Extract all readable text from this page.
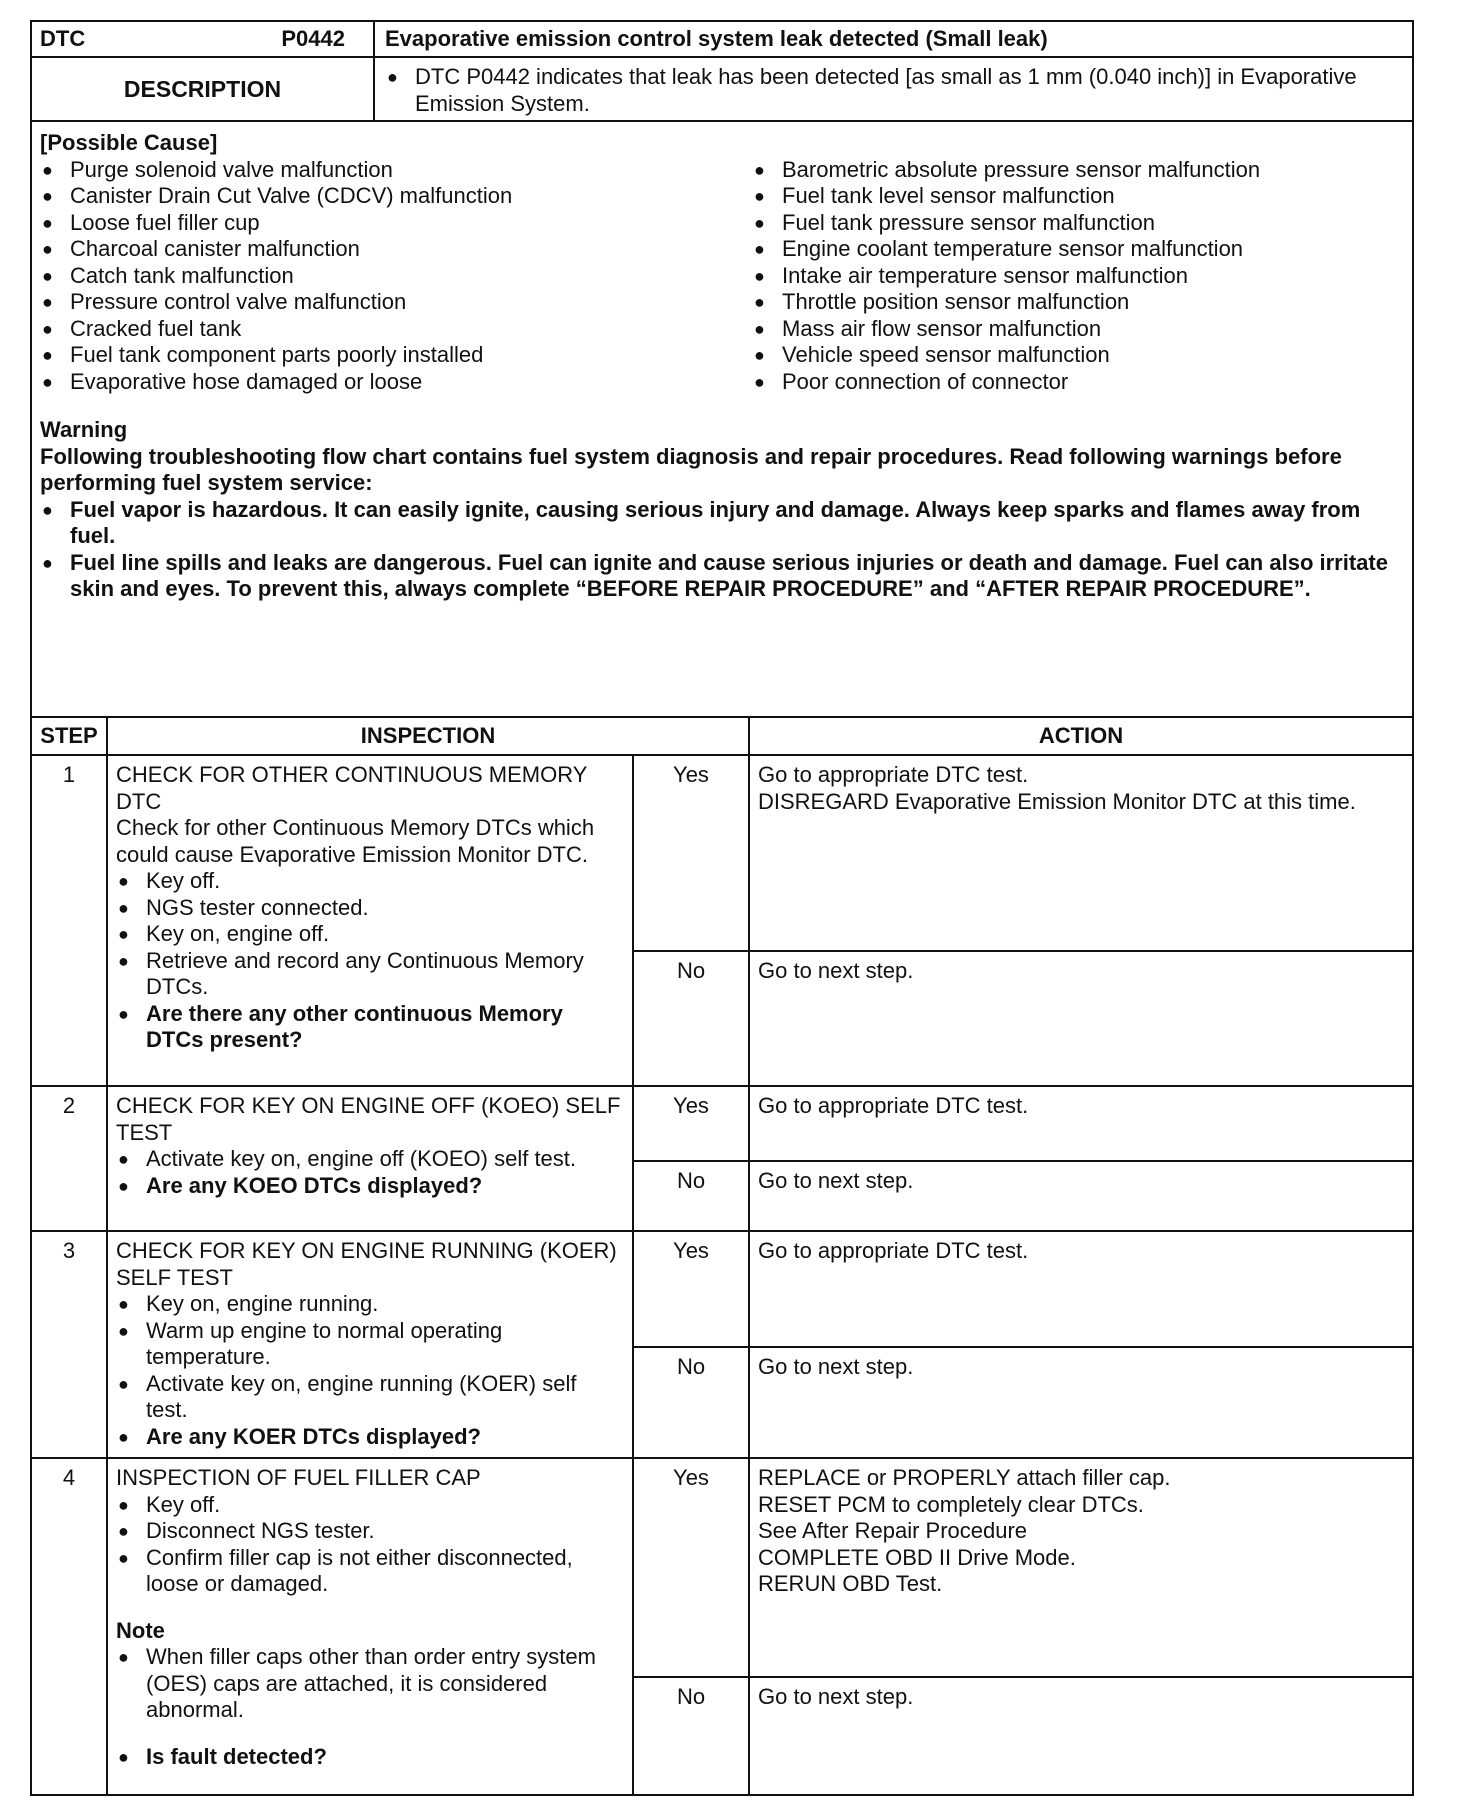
DTC	P0442	Evaporative emission control system leak detected (Small leak)
DESCRIPTION	● DTC P0442 indicates that leak has been detected [as small as 1 mm (0.040 inch)] in Evaporative Emission System.
[Possible Cause]
● Purge solenoid valve malfunction
● Canister Drain Cut Valve (CDCV) malfunction
● Loose fuel filler cup
● Charcoal canister malfunction
● Catch tank malfunction
● Pressure control valve malfunction
● Cracked fuel tank
● Fuel tank component parts poorly installed
● Evaporative hose damaged or loose
● Barometric absolute pressure sensor malfunction
● Fuel tank level sensor malfunction
● Fuel tank pressure sensor malfunction
● Engine coolant temperature sensor malfunction
● Intake air temperature sensor malfunction
● Throttle position sensor malfunction
● Mass air flow sensor malfunction
● Vehicle speed sensor malfunction
● Poor connection of connector
Warning
Following troubleshooting flow chart contains fuel system diagnosis and repair procedures. Read following warnings before performing fuel system service:
● Fuel vapor is hazardous. It can easily ignite, causing serious injury and damage. Always keep sparks and flames away from fuel.
● Fuel line spills and leaks are dangerous. Fuel can ignite and cause serious injuries or death and damage. Fuel can also irritate skin and eyes. To prevent this, always complete “BEFORE REPAIR PROCEDURE” and “AFTER REPAIR PROCEDURE”.
STEP	INSPECTION	ACTION
1	CHECK FOR OTHER CONTINUOUS MEMORY DTC
Check for other Continuous Memory DTCs which could cause Evaporative Emission Monitor DTC.
● Key off.
● NGS tester connected.
● Key on, engine off.
● Retrieve and record any Continuous Memory DTCs.
● Are there any other continuous Memory DTCs present?
Yes	Go to appropriate DTC test.
DISREGARD Evaporative Emission Monitor DTC at this time.
No	Go to next step.
2	CHECK FOR KEY ON ENGINE OFF (KOEO) SELF TEST
● Activate key on, engine off (KOEO) self test.
● Are any KOEO DTCs displayed?
Yes	Go to appropriate DTC test.
No	Go to next step.
3	CHECK FOR KEY ON ENGINE RUNNING (KOER) SELF TEST
● Key on, engine running.
● Warm up engine to normal operating temperature.
● Activate key on, engine running (KOER) self test.
● Are any KOER DTCs displayed?
Yes	Go to appropriate DTC test.
No	Go to next step.
4	INSPECTION OF FUEL FILLER CAP
● Key off.
● Disconnect NGS tester.
● Confirm filler cap is not either disconnected, loose or damaged.
Note
● When filler caps other than order entry system (OES) caps are attached, it is considered abnormal.
● Is fault detected?
Yes	REPLACE or PROPERLY attach filler cap.
RESET PCM to completely clear DTCs.
See After Repair Procedure
COMPLETE OBD II Drive Mode.
RERUN OBD Test.
No	Go to next step.
